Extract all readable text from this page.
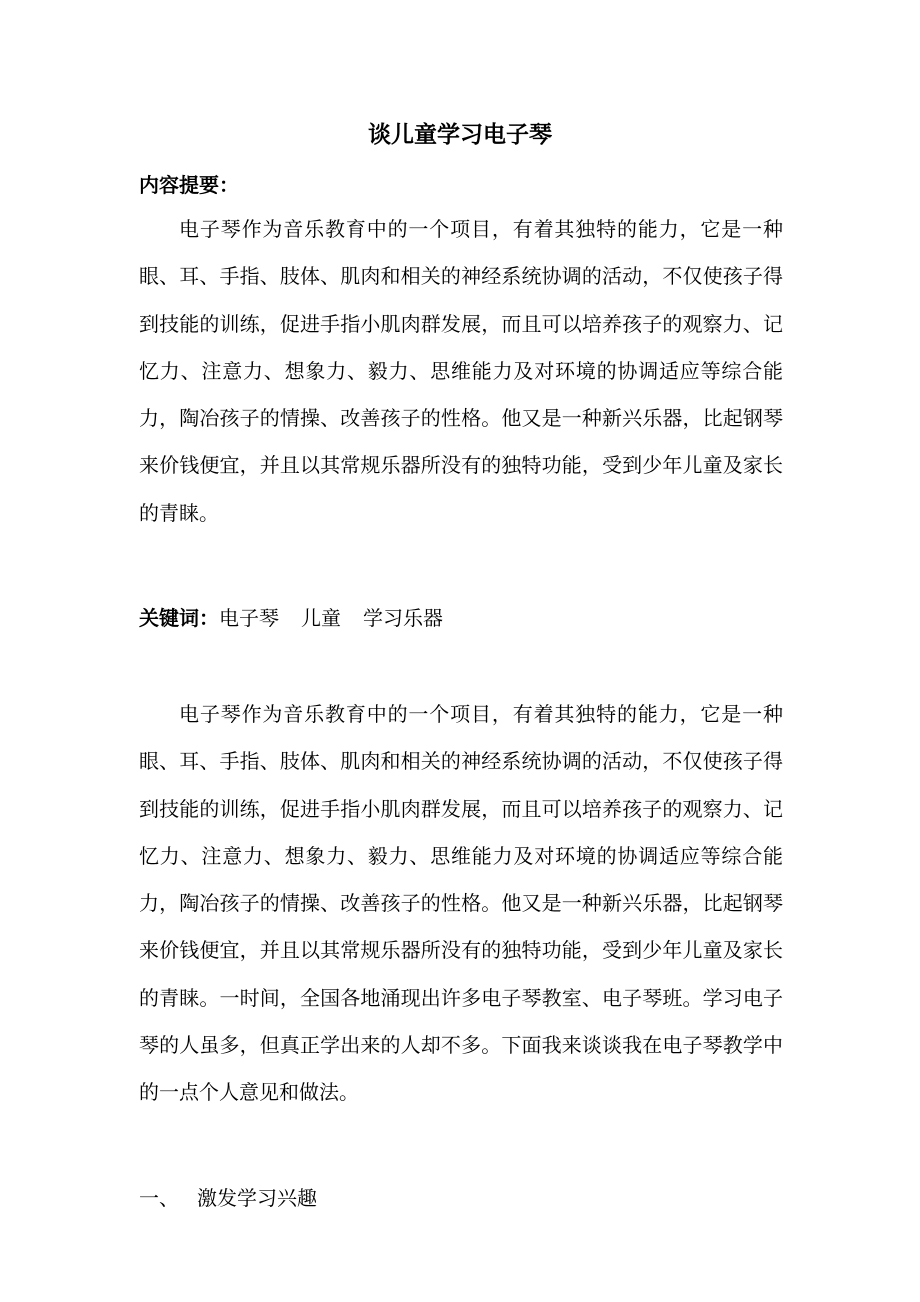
谈儿童学习电子琴
内容提要：

电子琴作为音乐教育中的一个项目，有着其独特的能力，它是一种眼、耳、手指、肢体、肌肉和相关的神经系统协调的活动，不仅使孩子得到技能的训练，促进手指小肌肉群发展，而且可以培养孩子的观察力、记忆力、注意力、想象力、毅力、思维能力及对环境的协调适应等综合能力，陶冶孩子的情操、改善孩子的性格。他又是一种新兴乐器，比起钢琴来价钱便宜，并且以其常规乐器所没有的独特功能，受到少年儿童及家长的青睐。

关键词：电子琴 儿童 学习乐器

电子琴作为音乐教育中的一个项目，有着其独特的能力，它是一种眼、耳、手指、肢体、肌肉和相关的神经系统协调的活动，不仅使孩子得到技能的训练，促进手指小肌肉群发展，而且可以培养孩子的观察力、记忆力、注意力、想象力、毅力、思维能力及对环境的协调适应等综合能力，陶冶孩子的情操、改善孩子的性格。他又是一种新兴乐器，比起钢琴来价钱便宜，并且以其常规乐器所没有的独特功能，受到少年儿童及家长的青睐。一时间，全国各地涌现出许多电子琴教室、电子琴班。学习电子琴的人虽多，但真正学出来的人却不多。下面我来谈谈我在电子琴教学中的一点个人意见和做法。

一、 激发学习兴趣
